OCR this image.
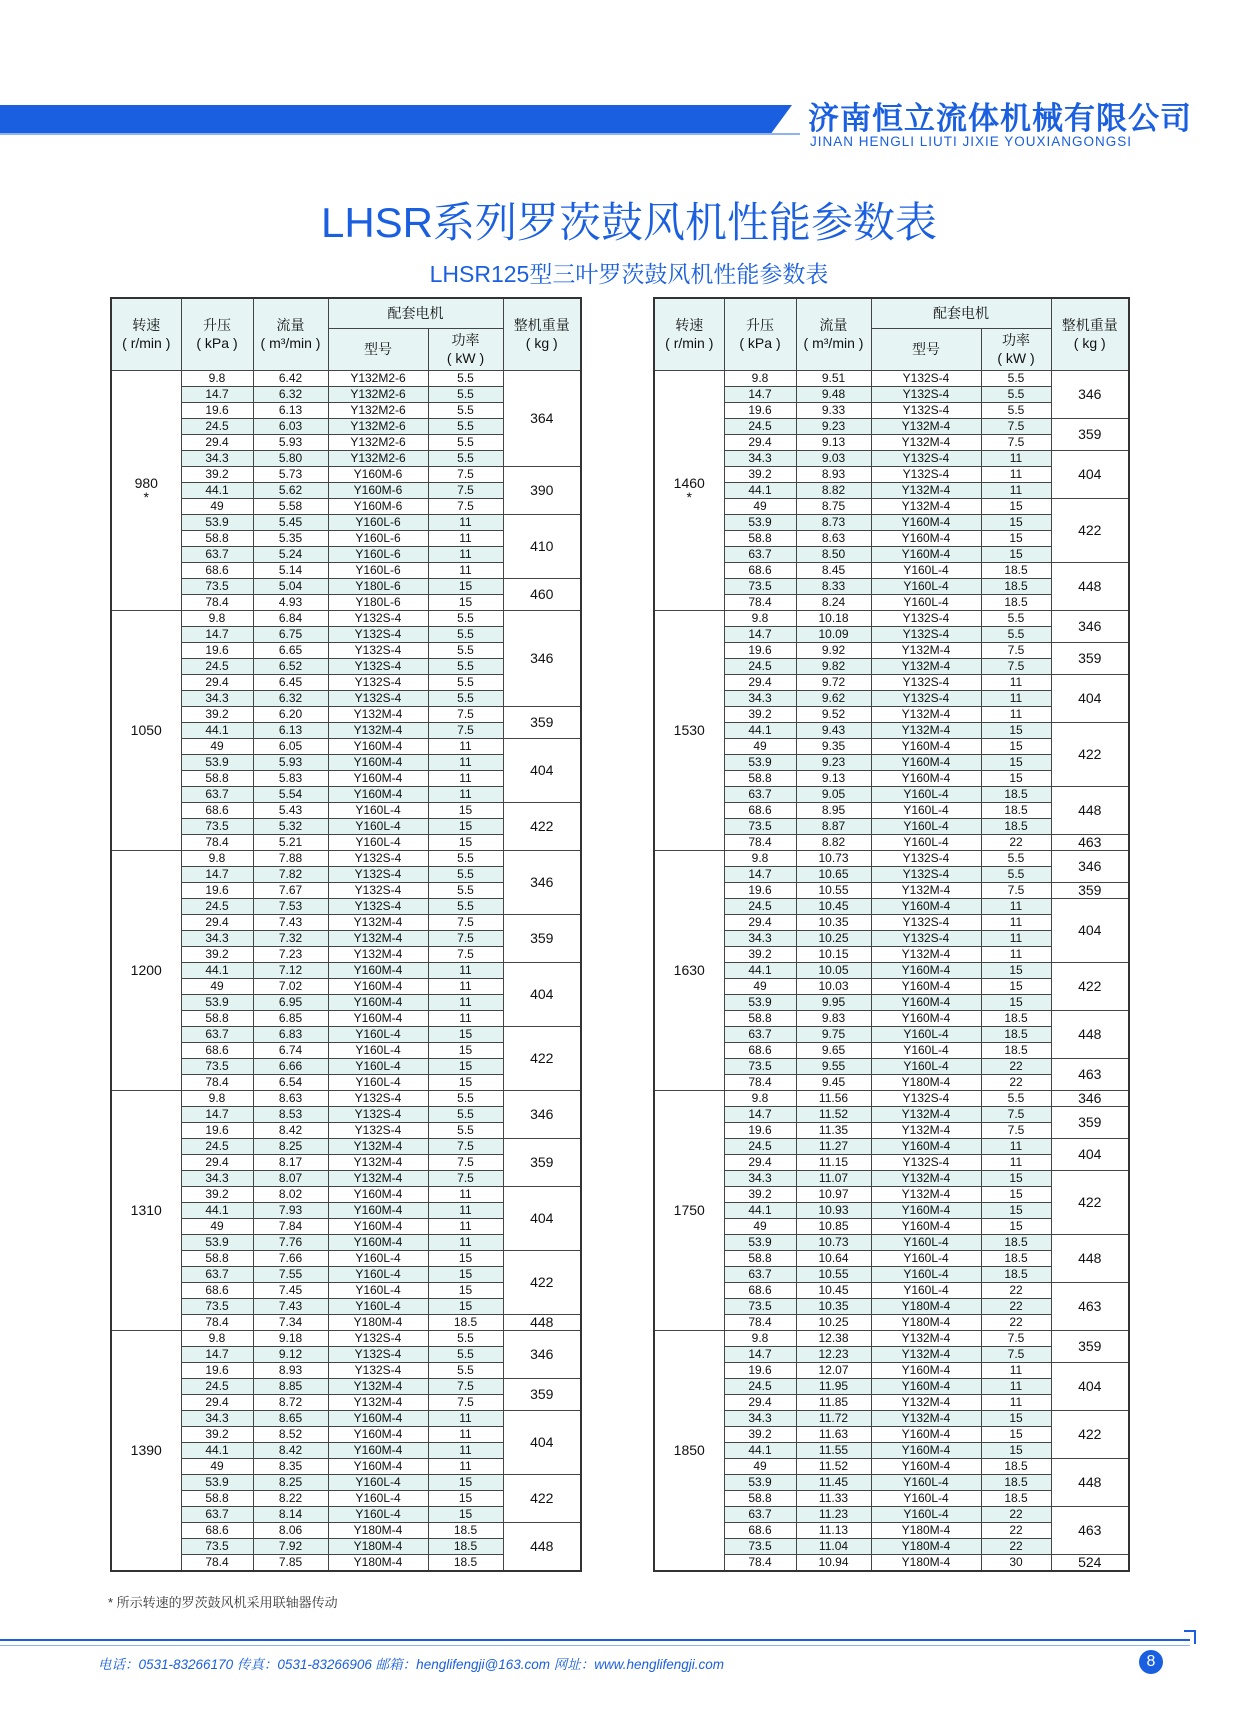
济南恒立流体机械有限公司
JINAN HENGLI LIUTI JIXIE YOUXIANGONGSI
LHSR系列罗茨鼓风机性能参数表
LHSR125型三叶罗茨鼓风机性能参数表
转速
( r/min )	升压
( kPa )	流量
( m³/min )	配套电机		整机重量
( kg )
			型号	功率
( kW )	
980
*	9.8	6.42	Y132M2-6	5.5	364
	14.7	6.32	Y132M2-6	5.5	
	19.6	6.13	Y132M2-6	5.5	
	24.5	6.03	Y132M2-6	5.5	
	29.4	5.93	Y132M2-6	5.5	
	34.3	5.80	Y132M2-6	5.5	
	39.2	5.73	Y160M-6	7.5	390
	44.1	5.62	Y160M-6	7.5	
	49	5.58	Y160M-6	7.5	
	53.9	5.45	Y160L-6	11	410
	58.8	5.35	Y160L-6	11	
	63.7	5.24	Y160L-6	11	
	68.6	5.14	Y160L-6	11	
	73.5	5.04	Y180L-6	15	460
	78.4	4.93	Y180L-6	15	
1050	9.8	6.84	Y132S-4	5.5	346
	14.7	6.75	Y132S-4	5.5	
	19.6	6.65	Y132S-4	5.5	
	24.5	6.52	Y132S-4	5.5	
	29.4	6.45	Y132S-4	5.5	
	34.3	6.32	Y132S-4	5.5	
	39.2	6.20	Y132M-4	7.5	359
	44.1	6.13	Y132M-4	7.5	
	49	6.05	Y160M-4	11	404
	53.9	5.93	Y160M-4	11	
	58.8	5.83	Y160M-4	11	
	63.7	5.54	Y160M-4	11	
	68.6	5.43	Y160L-4	15	422
	73.5	5.32	Y160L-4	15	
	78.4	5.21	Y160L-4	15	
1200	9.8	7.88	Y132S-4	5.5	346
	14.7	7.82	Y132S-4	5.5	
	19.6	7.67	Y132S-4	5.5	
	24.5	7.53	Y132S-4	5.5	
	29.4	7.43	Y132M-4	7.5	359
	34.3	7.32	Y132M-4	7.5	
	39.2	7.23	Y132M-4	7.5	
	44.1	7.12	Y160M-4	11	404
	49	7.02	Y160M-4	11	
	53.9	6.95	Y160M-4	11	
	58.8	6.85	Y160M-4	11	
	63.7	6.83	Y160L-4	15	422
	68.6	6.74	Y160L-4	15	
	73.5	6.66	Y160L-4	15	
	78.4	6.54	Y160L-4	15	
1310	9.8	8.63	Y132S-4	5.5	346
	14.7	8.53	Y132S-4	5.5	
	19.6	8.42	Y132S-4	5.5	
	24.5	8.25	Y132M-4	7.5	359
	29.4	8.17	Y132M-4	7.5	
	34.3	8.07	Y132M-4	7.5	
	39.2	8.02	Y160M-4	11	404
	44.1	7.93	Y160M-4	11	
	49	7.84	Y160M-4	11	
	53.9	7.76	Y160M-4	11	
	58.8	7.66	Y160L-4	15	422
	63.7	7.55	Y160L-4	15	
	68.6	7.45	Y160L-4	15	
	73.5	7.43	Y160L-4	15	
	78.4	7.34	Y180M-4	18.5	448
1390	9.8	9.18	Y132S-4	5.5	346
	14.7	9.12	Y132S-4	5.5	
	19.6	8.93	Y132S-4	5.5	
	24.5	8.85	Y132M-4	7.5	359
	29.4	8.72	Y132M-4	7.5	
	34.3	8.65	Y160M-4	11	404
	39.2	8.52	Y160M-4	11	
	44.1	8.42	Y160M-4	11	
	49	8.35	Y160M-4	11	
	53.9	8.25	Y160L-4	15	422
	58.8	8.22	Y160L-4	15	
	63.7	8.14	Y160L-4	15	
	68.6	8.06	Y180M-4	18.5	448
	73.5	7.92	Y180M-4	18.5	
	78.4	7.85	Y180M-4	18.5	
转速
( r/min )	升压
( kPa )	流量
( m³/min )	配套电机		整机重量
( kg )
			型号	功率
( kW )	
1460
*	9.8	9.51	Y132S-4	5.5	346
	14.7	9.48	Y132S-4	5.5	
	19.6	9.33	Y132S-4	5.5	
	24.5	9.23	Y132M-4	7.5	359
	29.4	9.13	Y132M-4	7.5	
	34.3	9.03	Y132S-4	11	404
	39.2	8.93	Y132S-4	11	
	44.1	8.82	Y132M-4	11	
	49	8.75	Y132M-4	15	422
	53.9	8.73	Y160M-4	15	
	58.8	8.63	Y160M-4	15	
	63.7	8.50	Y160M-4	15	
	68.6	8.45	Y160L-4	18.5	448
	73.5	8.33	Y160L-4	18.5	
	78.4	8.24	Y160L-4	18.5	
1530	9.8	10.18	Y132S-4	5.5	346
	14.7	10.09	Y132S-4	5.5	
	19.6	9.92	Y132M-4	7.5	359
	24.5	9.82	Y132M-4	7.5	
	29.4	9.72	Y132S-4	11	404
	34.3	9.62	Y132S-4	11	
	39.2	9.52	Y132M-4	11	
	44.1	9.43	Y132M-4	15	422
	49	9.35	Y160M-4	15	
	53.9	9.23	Y160M-4	15	
	58.8	9.13	Y160M-4	15	
	63.7	9.05	Y160L-4	18.5	448
	68.6	8.95	Y160L-4	18.5	
	73.5	8.87	Y160L-4	18.5	
	78.4	8.82	Y160L-4	22	463
1630	9.8	10.73	Y132S-4	5.5	346
	14.7	10.65	Y132S-4	5.5	
	19.6	10.55	Y132M-4	7.5	359
	24.5	10.45	Y160M-4	11	404
	29.4	10.35	Y132S-4	11	
	34.3	10.25	Y132S-4	11	
	39.2	10.15	Y132M-4	11	
	44.1	10.05	Y160M-4	15	422
	49	10.03	Y160M-4	15	
	53.9	9.95	Y160M-4	15	
	58.8	9.83	Y160M-4	18.5	448
	63.7	9.75	Y160L-4	18.5	
	68.6	9.65	Y160L-4	18.5	
	73.5	9.55	Y160L-4	22	463
	78.4	9.45	Y180M-4	22	
1750	9.8	11.56	Y132S-4	5.5	346
	14.7	11.52	Y132M-4	7.5	359
	19.6	11.35	Y132M-4	7.5	
	24.5	11.27	Y160M-4	11	404
	29.4	11.15	Y132S-4	11	
	34.3	11.07	Y132M-4	15	422
	39.2	10.97	Y132M-4	15	
	44.1	10.93	Y160M-4	15	
	49	10.85	Y160M-4	15	
	53.9	10.73	Y160L-4	18.5	448
	58.8	10.64	Y160L-4	18.5	
	63.7	10.55	Y160L-4	18.5	
	68.6	10.45	Y160L-4	22	463
	73.5	10.35	Y180M-4	22	
	78.4	10.25	Y180M-4	22	
1850	9.8	12.38	Y132M-4	7.5	359
	14.7	12.23	Y132M-4	7.5	
	19.6	12.07	Y160M-4	11	404
	24.5	11.95	Y160M-4	11	
	29.4	11.85	Y132M-4	11	
	34.3	11.72	Y132M-4	15	422
	39.2	11.63	Y160M-4	15	
	44.1	11.55	Y160M-4	15	
	49	11.52	Y160M-4	18.5	448
	53.9	11.45	Y160L-4	18.5	
	58.8	11.33	Y160L-4	18.5	
	63.7	11.23	Y160L-4	22	463
	68.6	11.13	Y180M-4	22	
	73.5	11.04	Y180M-4	22	
	78.4	10.94	Y180M-4	30	524
* 所示转速的罗茨鼓风机采用联轴器传动
电话：0531-83266170 传真：0531-83266906 邮箱：henglifengji@163.com 网址：www.henglifengji.com	8
